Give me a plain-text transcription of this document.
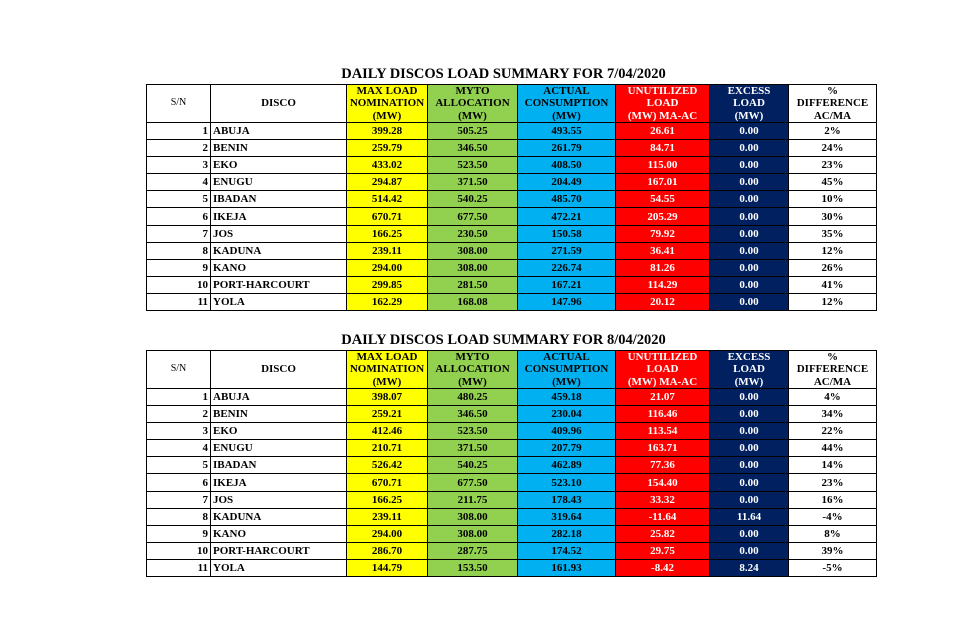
DAILY DISCOS LOAD SUMMARY FOR 7/04/2020
S/N	DISCO	MAX LOAD
NOMINATION
(MW)	MYTO
ALLOCATION
(MW)	ACTUAL
CONSUMPTION
(MW)	UNUTILIZED
LOAD
(MW) MA-AC	EXCESS
LOAD
(MW)	%
DIFFERENCE
AC/MA
1	ABUJA	399.28	505.25	493.55	26.61	0.00	2%
2	BENIN	259.79	346.50	261.79	84.71	0.00	24%
3	EKO	433.02	523.50	408.50	115.00	0.00	23%
4	ENUGU	294.87	371.50	204.49	167.01	0.00	45%
5	IBADAN	514.42	540.25	485.70	54.55	0.00	10%
6	IKEJA	670.71	677.50	472.21	205.29	0.00	30%
7	JOS	166.25	230.50	150.58	79.92	0.00	35%
8	KADUNA	239.11	308.00	271.59	36.41	0.00	12%
9	KANO	294.00	308.00	226.74	81.26	0.00	26%
10	PORT-HARCOURT	299.85	281.50	167.21	114.29	0.00	41%
11	YOLA	162.29	168.08	147.96	20.12	0.00	12%
DAILY DISCOS LOAD SUMMARY FOR 8/04/2020
S/N	DISCO	MAX LOAD
NOMINATION
(MW)	MYTO
ALLOCATION
(MW)	ACTUAL
CONSUMPTION
(MW)	UNUTILIZED
LOAD
(MW) MA-AC	EXCESS
LOAD
(MW)	%
DIFFERENCE
AC/MA
1	ABUJA	398.07	480.25	459.18	21.07	0.00	4%
2	BENIN	259.21	346.50	230.04	116.46	0.00	34%
3	EKO	412.46	523.50	409.96	113.54	0.00	22%
4	ENUGU	210.71	371.50	207.79	163.71	0.00	44%
5	IBADAN	526.42	540.25	462.89	77.36	0.00	14%
6	IKEJA	670.71	677.50	523.10	154.40	0.00	23%
7	JOS	166.25	211.75	178.43	33.32	0.00	16%
8	KADUNA	239.11	308.00	319.64	-11.64	11.64	-4%
9	KANO	294.00	308.00	282.18	25.82	0.00	8%
10	PORT-HARCOURT	286.70	287.75	174.52	29.75	0.00	39%
11	YOLA	144.79	153.50	161.93	-8.42	8.24	-5%
